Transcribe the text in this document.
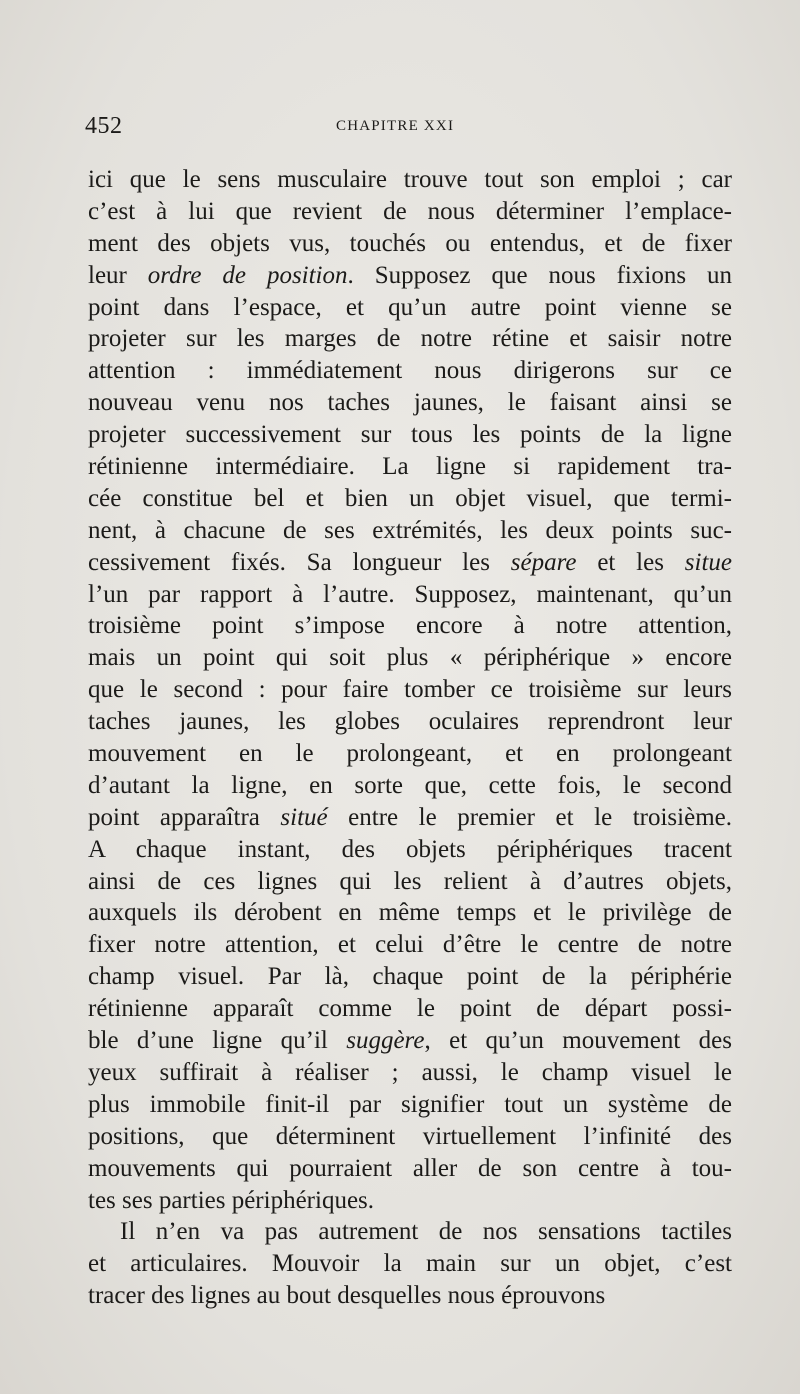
452	CHAPITRE XXI
ici que le sens musculaire trouve tout son emploi ; car
c’est à lui que revient de nous déterminer l’emplace-
ment des objets vus, touchés ou entendus, et de fixer
leur ordre de position. Supposez que nous fixions un
point dans l’espace, et qu’un autre point vienne se
projeter sur les marges de notre rétine et saisir notre
attention : immédiatement nous dirigerons sur ce
nouveau venu nos taches jaunes, le faisant ainsi se
projeter successivement sur tous les points de la ligne
rétinienne intermédiaire. La ligne si rapidement tra-
cée constitue bel et bien un objet visuel, que termi-
nent, à chacune de ses extrémités, les deux points suc-
cessivement fixés. Sa longueur les sépare et les situe
l’un par rapport à l’autre. Supposez, maintenant, qu’un
troisième point s’impose encore à notre attention,
mais un point qui soit plus « périphérique » encore
que le second : pour faire tomber ce troisième sur leurs
taches jaunes, les globes oculaires reprendront leur
mouvement en le prolongeant, et en prolongeant
d’autant la ligne, en sorte que, cette fois, le second
point apparaîtra situé entre le premier et le troisième.
A chaque instant, des objets périphériques tracent
ainsi de ces lignes qui les relient à d’autres objets,
auxquels ils dérobent en même temps et le privilège de
fixer notre attention, et celui d’être le centre de notre
champ visuel. Par là, chaque point de la périphérie
rétinienne apparaît comme le point de départ possi-
ble d’une ligne qu’il suggère, et qu’un mouvement des
yeux suffirait à réaliser ; aussi, le champ visuel le
plus immobile finit-il par signifier tout un système de
positions, que déterminent virtuellement l’infinité des
mouvements qui pourraient aller de son centre à tou-
tes ses parties périphériques.
Il n’en va pas autrement de nos sensations tactiles
et articulaires. Mouvoir la main sur un objet, c’est
tracer des lignes au bout desquelles nous éprouvons
